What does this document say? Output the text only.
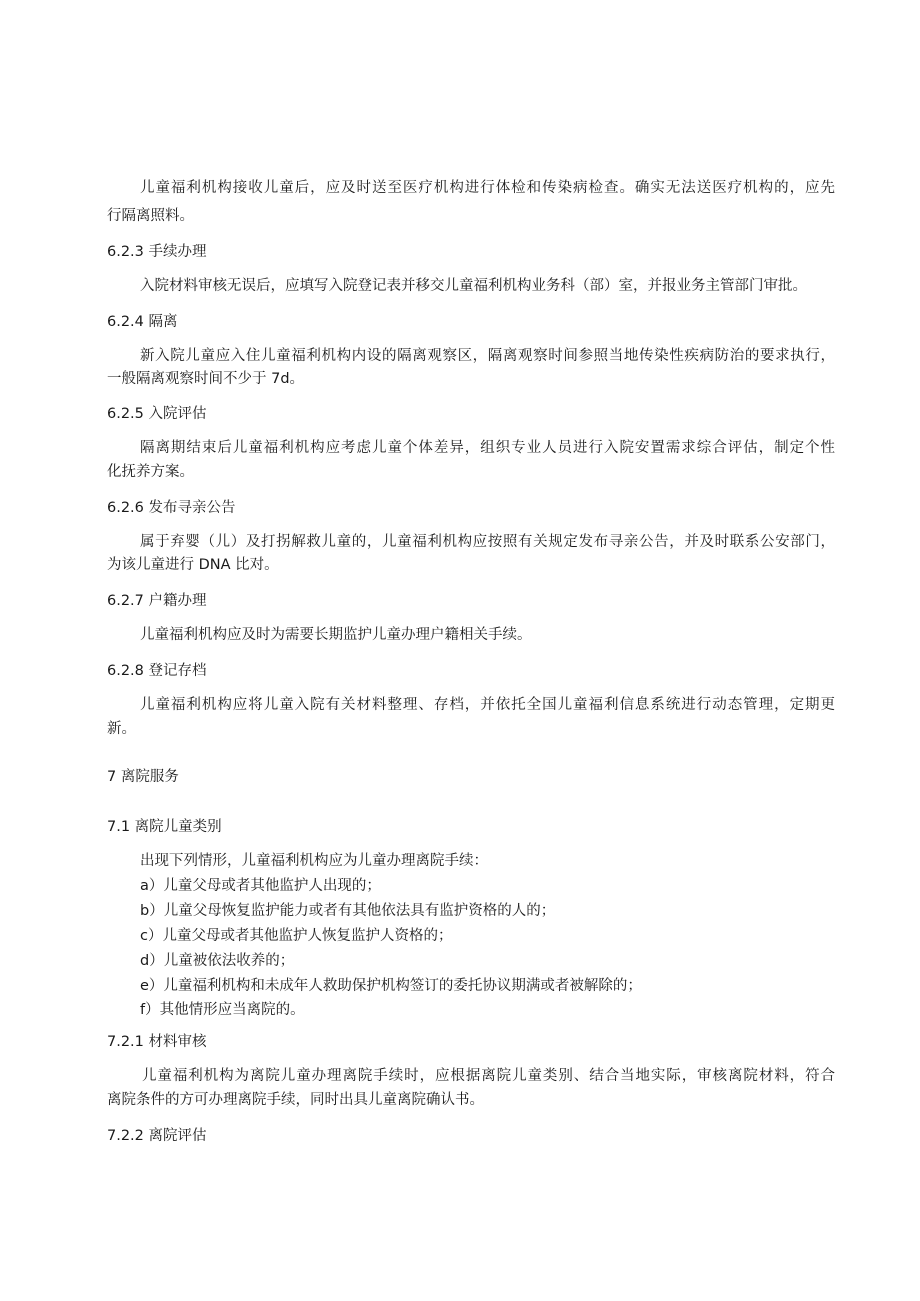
儿童福利机构接收儿童后，应及时送至医疗机构进行体检和传染病检查。确实无法送医疗机构的，应先
行隔离照料。
6.2.3 手续办理
入院材料审核无误后，应填写入院登记表并移交儿童福利机构业务科（部）室，并报业务主管部门审批。
6.2.4 隔离
新入院儿童应入住儿童福利机构内设的隔离观察区，隔离观察时间参照当地传染性疾病防治的要求执行，
一般隔离观察时间不少于 7d。
6.2.5 入院评估
隔离期结束后儿童福利机构应考虑儿童个体差异，组织专业人员进行入院安置需求综合评估，制定个性
化抚养方案。
6.2.6 发布寻亲公告
属于弃婴（儿）及打拐解救儿童的，儿童福利机构应按照有关规定发布寻亲公告，并及时联系公安部门，
为该儿童进行 DNA 比对。
6.2.7 户籍办理
儿童福利机构应及时为需要长期监护儿童办理户籍相关手续。
6.2.8 登记存档
儿童福利机构应将儿童入院有关材料整理、存档，并依托全国儿童福利信息系统进行动态管理，定期更
新。
7 离院服务
7.1 离院儿童类别
出现下列情形，儿童福利机构应为儿童办理离院手续：
a）儿童父母或者其他监护人出现的；
b）儿童父母恢复监护能力或者有其他依法具有监护资格的人的；
c）儿童父母或者其他监护人恢复监护人资格的；
d）儿童被依法收养的；
e）儿童福利机构和未成年人救助保护机构签订的委托协议期满或者被解除的；
f）其他情形应当离院的。
7.2.1 材料审核
儿童福利机构为离院儿童办理离院手续时，应根据离院儿童类别、结合当地实际，审核离院材料，符合
离院条件的方可办理离院手续，同时出具儿童离院确认书。
7.2.2 离院评估
